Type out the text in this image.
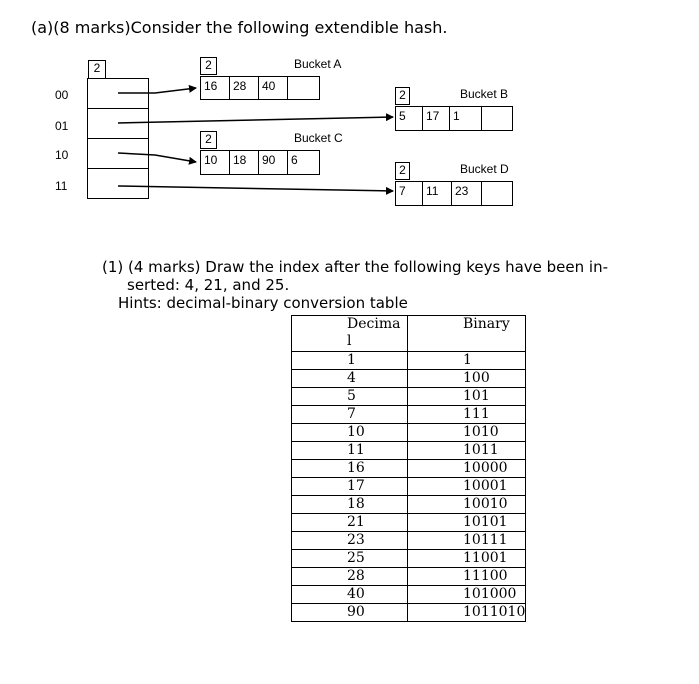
(a)(8 marks)Consider the following extendible hash.
2
00
01
10
11
2	Bucket A
16	28	40
2	Bucket B
5	17	1
2	Bucket C
10	18	90	6
2	Bucket D
7	11	23
(1) (4 marks) Draw the index after the following keys have been in-
serted: 4, 21, and 25.
Hints: decimal-binary conversion table
Decima
l	Binary
1	1
4	100
5	101
7	111
10	1010
11	1011
16	10000
17	10001
18	10010
21	10101
23	10111
25	11001
28	11100
40	101000
90	1011010
